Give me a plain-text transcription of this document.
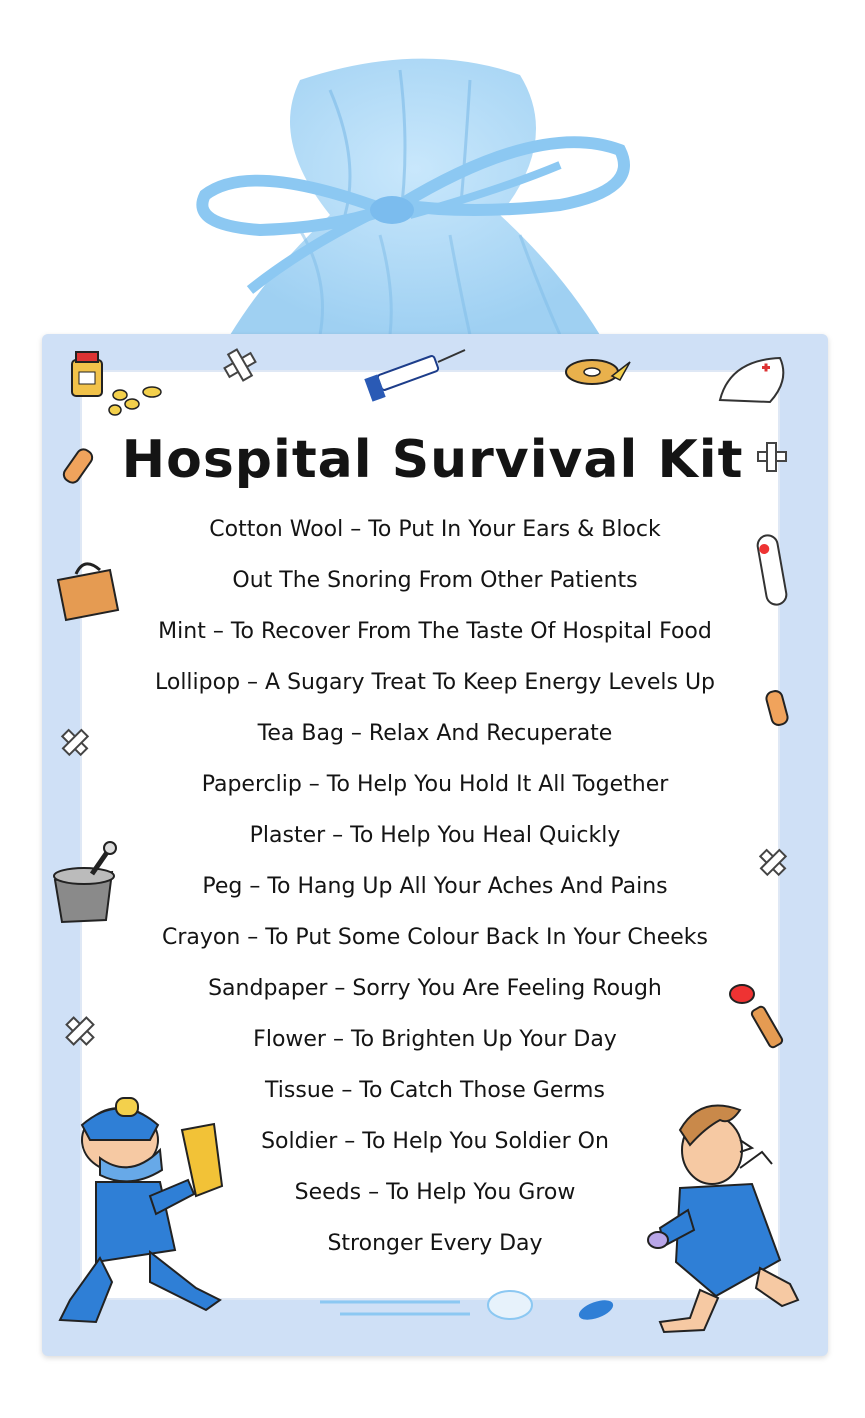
Hospital Survival Kit
Cotton Wool – To Put In Your Ears & Block
Out The Snoring From Other Patients
Mint – To Recover From The Taste Of Hospital Food
Lollipop – A Sugary Treat To Keep Energy Levels Up
Tea Bag – Relax And Recuperate
Paperclip – To Help You Hold It All Together
Plaster – To Help You Heal Quickly
Peg – To Hang Up All Your Aches And Pains
Crayon – To Put Some Colour Back In Your Cheeks
Sandpaper – Sorry You Are Feeling Rough
Flower – To Brighten Up Your Day
Tissue – To Catch Those Germs
Soldier – To Help You Soldier On
Seeds – To Help You Grow
Stronger Every Day
